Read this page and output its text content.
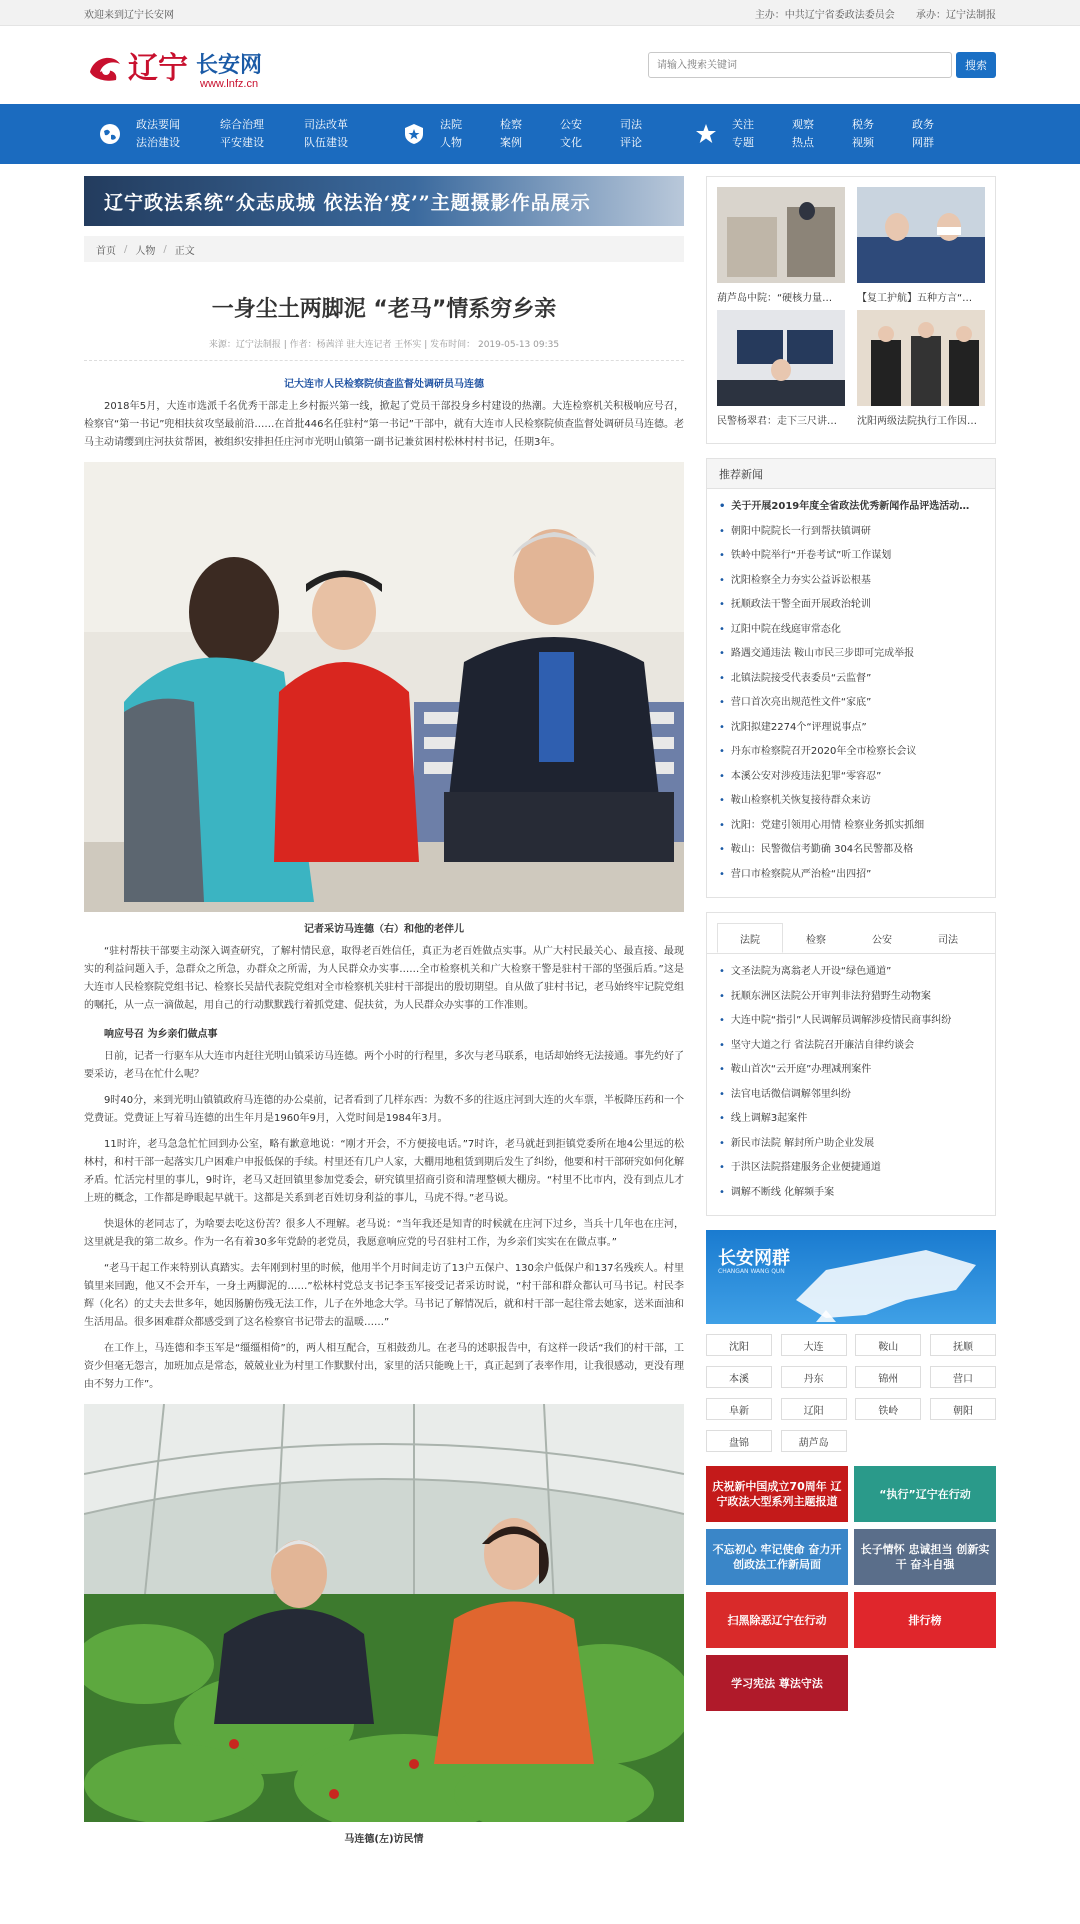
欢迎来到辽宁长安网	主办：中共辽宁省委政法委员会 承办：辽宁法制报
辽宁 长安网
www.lnfz.cn
请输入搜索关键词
搜索
政法要闻
法治建设
综合治理
平安建设
司法改革
队伍建设
法院
人物
检察
案例
公安
文化
司法
评论
关注
专题
观察
热点
税务
视频
政务
网群
辽宁政法系统“众志成城 依法治‘疫’”主题摄影作品展示
首页 / 人物 / 正文
一身尘土两脚泥 “老马”情系穷乡亲
来源：辽宁法制报 | 作者：杨茜洋 驻大连记者 王怀实 | 发布时间： 2019-05-13 09:35
记大连市人民检察院侦查监督处调研员马连德

2018年5月，大连市选派千名优秀干部走上乡村振兴第一线，掀起了党员干部投身乡村建设的热潮。大连检察机关积极响应号召，检察官“第一书记”兜相扶贫攻坚最前沿……在首批446名任驻村“第一书记”干部中，就有大连市人民检察院侦查监督处调研员马连德。老马主动请缨到庄河扶贫帮困，被组织安排担任庄河市光明山镇第一副书记兼贫困村松林村村书记，任期3年。

记者采访马连德（右）和他的老伴儿

“驻村帮扶干部要主动深入调查研究，了解村情民意，取得老百姓信任，真正为老百姓做点实事。从广大村民最关心、最直接、最现实的利益问题入手，急群众之所急，办群众之所需，为人民群众办实事……全市检察机关和广大检察干警是驻村干部的坚强后盾。”这是大连市人民检察院党组书记、检察长吴喆代表院党组对全市检察机关驻村干部提出的殷切期望。自从做了驻村书记，老马始终牢记院党组的嘱托，从一点一滴做起，用自己的行动默默践行着抓党建、促扶贫，为人民群众办实事的工作准则。

响应号召 为乡亲们做点事

日前，记者一行驱车从大连市内赶往光明山镇采访马连德。两个小时的行程里，多次与老马联系，电话却始终无法接通。事先约好了要采访，老马在忙什么呢？

9时40分，来到光明山镇镇政府马连德的办公桌前，记者看到了几样东西：为数不多的往返庄河到大连的火车票，半板降压药和一个党费证。党费证上写着马连德的出生年月是1960年9月，入党时间是1984年3月。

11时许，老马急急忙忙回到办公室，略有歉意地说：“刚才开会，不方便接电话。”7时许，老马就赶到拒镇党委所在地4公里远的松林村，和村干部一起落实几户困难户申报低保的手续。村里还有几户人家，大棚用地租赁到期后发生了纠纷，他要和村干部研究如何化解矛盾。忙活完村里的事儿，9时许，老马又赶回镇里参加党委会，研究镇里招商引资和清理整顿大棚房。“村里不比市内，没有到点儿才上班的概念，工作都是睁眼起早就干。这都是关系到老百姓切身利益的事儿，马虎不得。”老马说。

快退休的老同志了，为啥要去吃这份苦？很多人不理解。老马说：“当年我还是知青的时候就在庄河下过乡，当兵十几年也在庄河，这里就是我的第二故乡。作为一名有着30多年党龄的老党员，我愿意响应党的号召驻村工作，为乡亲们实实在在做点事。”

“老马干起工作来特别认真踏实。去年刚到村里的时候，他用半个月时间走访了13户五保户、130余户低保户和137名残疾人。村里镇里来回跑，他又不会开车，一身土两脚泥的……”松林村党总支书记李玉军接受记者采访时说，“村干部和群众都认可马书记。村民李辉（化名）的丈夫去世多年，她因肠腑伤残无法工作，儿子在外地念大学。马书记了解情况后，就和村干部一起往常去她家，送米面油和生活用品。很多困难群众都感受到了这名检察官书记带去的温暖……”

在工作上，马连德和李玉军是“缰缰相倚”的，两人相互配合，互相鼓劲儿。在老马的述职报告中，有这样一段话“我们的村干部，工资少但毫无怨言，加班加点是常态，兢兢业业为村里工作默默付出，家里的活只能晚上干，真正起到了表率作用，让我很感动，更没有理由不努力工作”。

马连德(左)访民情
葫芦岛中院：“硬核力量…	【复工护航】五种方言“…
民警杨翠君：走下三尺讲…	沈阳两级法院执行工作因…
推荐新闻
• 关于开展2019年度全省政法优秀新闻作品评选活动…
• 朝阳中院院长一行到帮扶镇调研
• 铁岭中院举行“开卷考试”听工作谋划
• 沈阳检察全力夯实公益诉讼根基
• 抚顺政法干警全面开展政治轮训
• 辽阳中院在线庭审常态化
• 路遇交通违法 鞍山市民三步即可完成举报
• 北镇法院接受代表委员“云监督”
• 营口首次亮出规范性文件“家底”
• 沈阳拟建2274个“评理说事点”
• 丹东市检察院召开2020年全市检察长会议
• 本溪公安对涉疫违法犯罪“零容忍”
• 鞍山检察机关恢复接待群众来访
• 沈阳：党建引领用心用情 检察业务抓实抓细
• 鞍山：民警微信考勤确 304名民警都及格
• 营口市检察院从严治检“出四招”
法院	检察	公安	司法
• 文圣法院为离翁老人开设“绿色通道”
• 抚顺东洲区法院公开审判非法狩猎野生动物案
• 大连中院“指引”人民调解员调解涉疫情民商事纠纷
• 坚守大道之行 省法院召开廉洁自律约谈会
• 鞍山首次“云开庭”办理减刑案件
• 法官电话微信调解邻里纠纷
• 线上调解3起案件
• 新民市法院 解封所户助企业发展
• 于洪区法院搭建服务企业便捷通道
• 调解不断线 化解频手案
长安网群
CHANGAN WANG QUN
沈阳	大连	鞍山	抚顺
本溪	丹东	锦州	营口
阜新	辽阳	铁岭	朝阳
盘锦	葫芦岛
庆祝新中国成立70周年 辽宁政法大型系列主题报道
“执行”辽宁在行动
不忘初心 牢记使命 奋力开创政法工作新局面
长子情怀 忠诚担当 创新实干 奋斗自强
扫黑除恶辽宁在行动	排行榜
学习宪法 尊法守法
